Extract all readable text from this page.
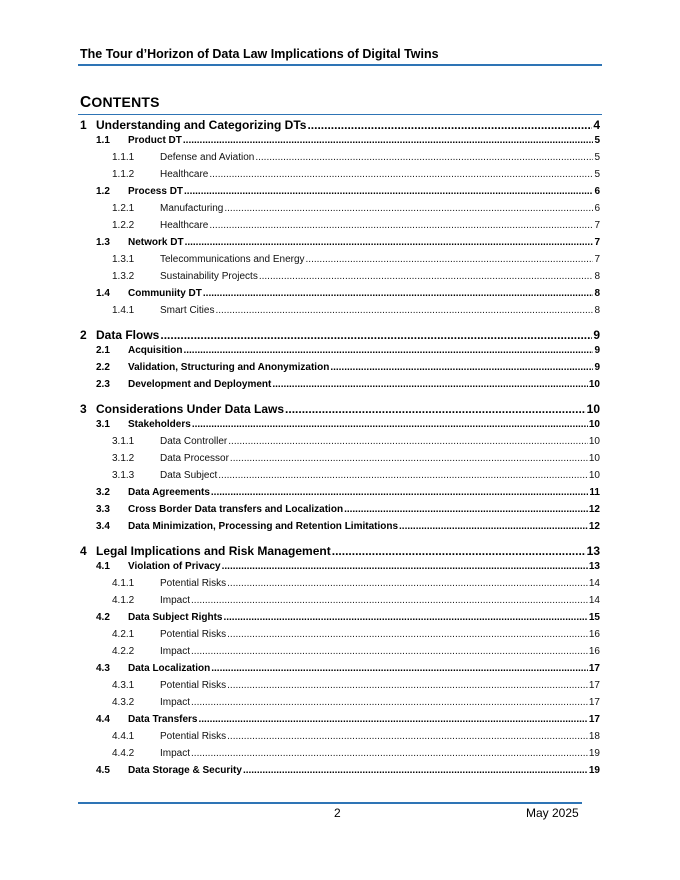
The Tour d’Horizon of Data Law Implications of Digital Twins
CONTENTS
1 Understanding and Categorizing DTs .....	4
1.1	Product DT .....	5
1.1.1	Defense and Aviation .....	5
1.1.2	Healthcare .....	5
1.2	Process DT .....	6
1.2.1	Manufacturing .....	6
1.2.2	Healthcare .....	7
1.3	Network DT .....	7
1.3.1	Telecommunications and Energy .....	7
1.3.2	Sustainability Projects .....	8
1.4	Communiity DT .....	8
1.4.1	Smart Cities .....	8
2 Data Flows .....	9
2.1	Acquisition .....	9
2.2	Validation, Structuring and Anonymization .....	9
2.3	Development and Deployment .....	10
3 Considerations Under Data Laws .....	10
3.1	Stakeholders .....	10
3.1.1	Data Controller .....	10
3.1.2	Data Processor .....	10
3.1.3	Data Subject .....	10
3.2	Data Agreements .....	11
3.3	Cross Border Data transfers and Localization .....	12
3.4	Data Minimization, Processing and Retention Limitations .....	12
4 Legal Implications and Risk Management .....	13
4.1	Violation of Privacy .....	13
4.1.1	Potential Risks .....	14
4.1.2	Impact .....	14
4.2	Data Subject Rights .....	15
4.2.1	Potential Risks .....	16
4.2.2	Impact .....	16
4.3	Data Localization .....	17
4.3.1	Potential Risks .....	17
4.3.2	Impact .....	17
4.4	Data Transfers .....	17
4.4.1	Potential Risks .....	18
4.4.2	Impact .....	19
4.5	Data Storage & Security .....	19
2	May 2025
